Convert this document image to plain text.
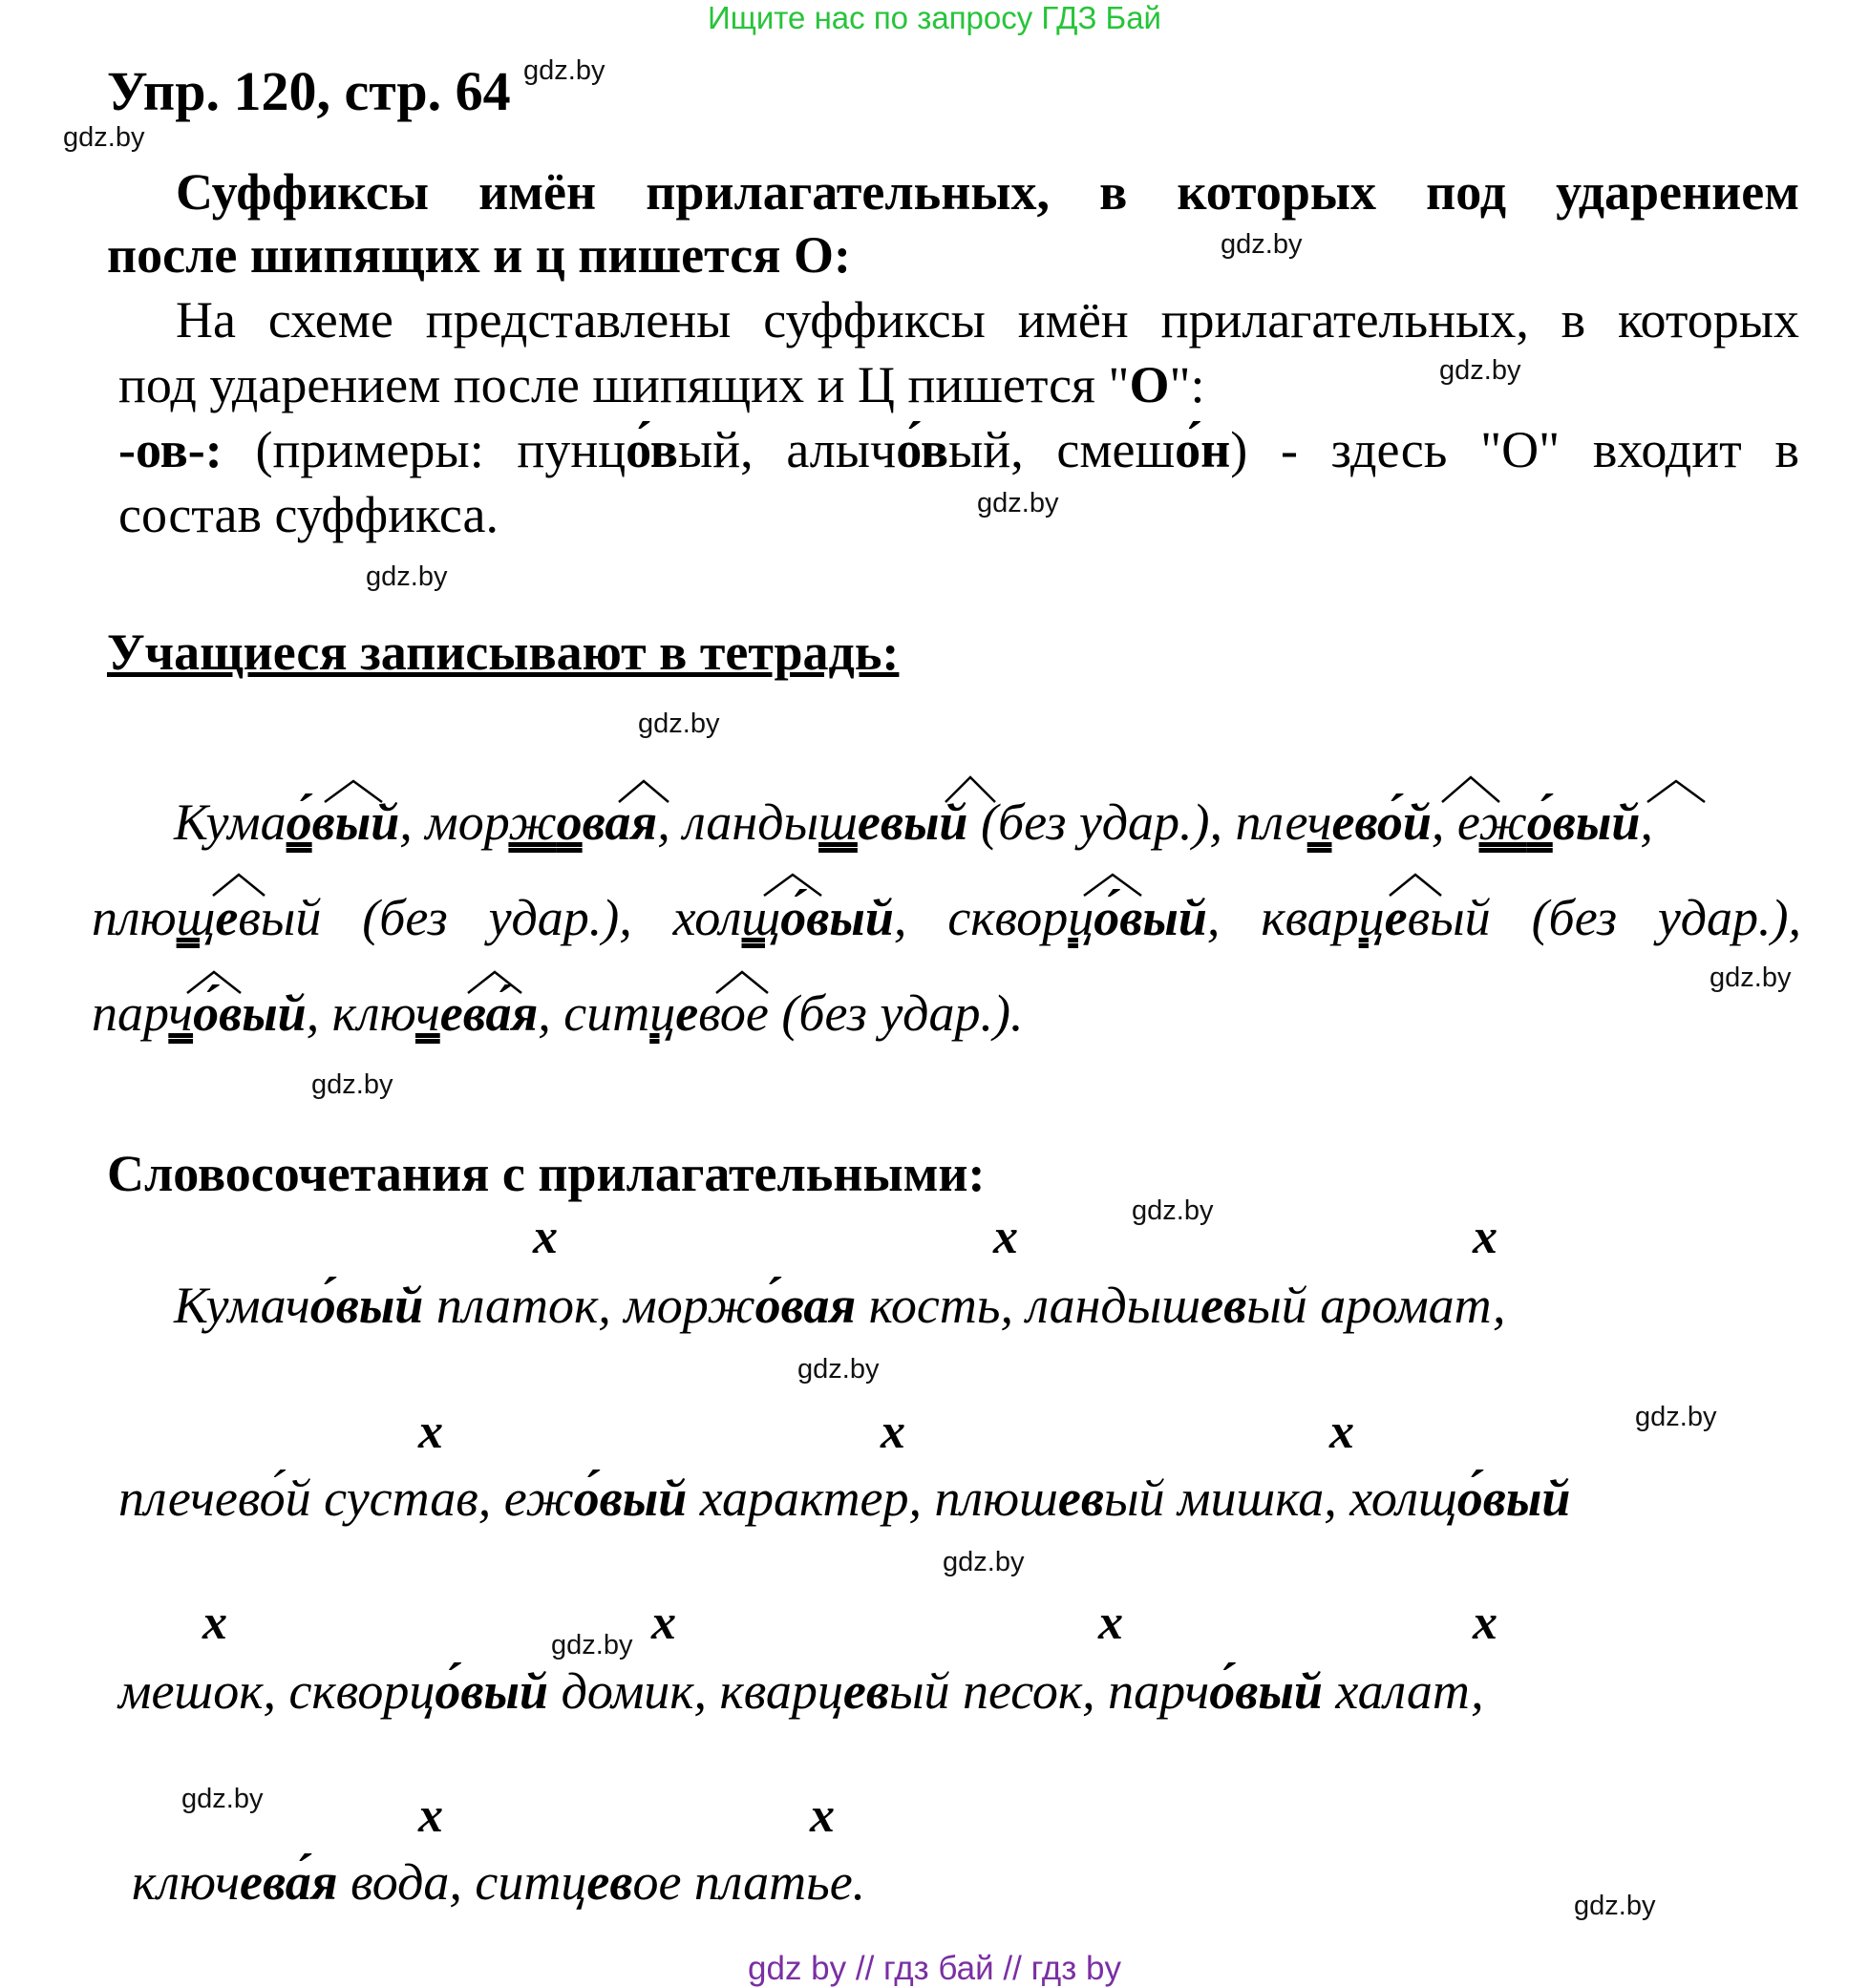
Ищите нас по запросу ГДЗ Бай
Упр. 120, стр. 64 gdz.by
gdz.by
gdz.by
gdz.by
gdz.by
gdz.by
gdz.by
gdz.by
gdz.by
gdz.by
gdz.by
gdz.by
gdz.by
gdz.by
gdz.by
gdz.by
Суффиксы имён прилагательных, в которых под ударением
после шипящих и ц пишется О:
На схеме представлены суффиксы имён прилагательных, в которых
под ударением после шипящих и Ц пишется "О":
-ов-: (примеры: пунцо́вый, алычо́вый, смешо́н) - здесь "О" входит в
состав суффикса.
Учащиеся записывают в тетрадь:
Кумао́вый, моржовая, ландышевый (без удар.), плечево́й, ежо́вый,
плющевый (без удар.), холщо́вый, скворцо́вый, кварцевый (без удар.),
парчо́вый, ключева́я, ситцевое (без удар.).
Словосочетания с прилагательными:
x	x	x
x	x	x
x	x	x	x
x	x
Кумачо́вый платок, моржо́вая кость, ландышевый аромат,
плечево́й сустав, ежо́вый характер, плюшевый мишка, холщо́вый
мешок, скворцо́вый домик, кварцевый песок, парчо́вый халат,
ключева́я вода, ситцевое платье.
gdz by // гдз бай // гдз by
